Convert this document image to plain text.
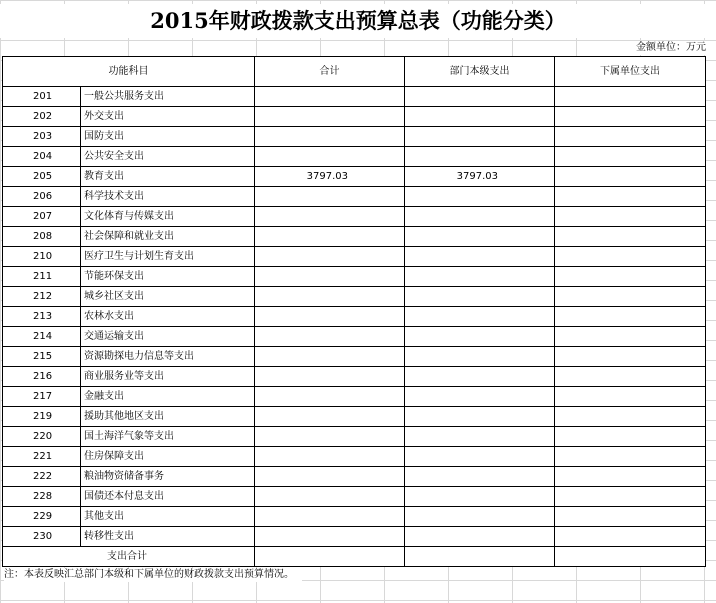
2015年财政拨款支出预算总表（功能分类）
金额单位：万元
功能科目		合计	部门本级支出	下属单位支出
201	一般公共服务支出			
202	外交支出			
203	国防支出			
204	公共安全支出			
205	教育支出	3797.03	3797.03	
206	科学技术支出			
207	文化体育与传媒支出			
208	社会保障和就业支出			
210	医疗卫生与计划生育支出			
211	节能环保支出			
212	城乡社区支出			
213	农林水支出			
214	交通运输支出			
215	资源勘探电力信息等支出			
216	商业服务业等支出			
217	金融支出			
219	援助其他地区支出			
220	国土海洋气象等支出			
221	住房保障支出			
222	粮油物资储备事务			
228	国债还本付息支出			
229	其他支出			
230	转移性支出			
支出合计				
注：本表反映汇总部门本级和下属单位的财政拨款支出预算情况。
